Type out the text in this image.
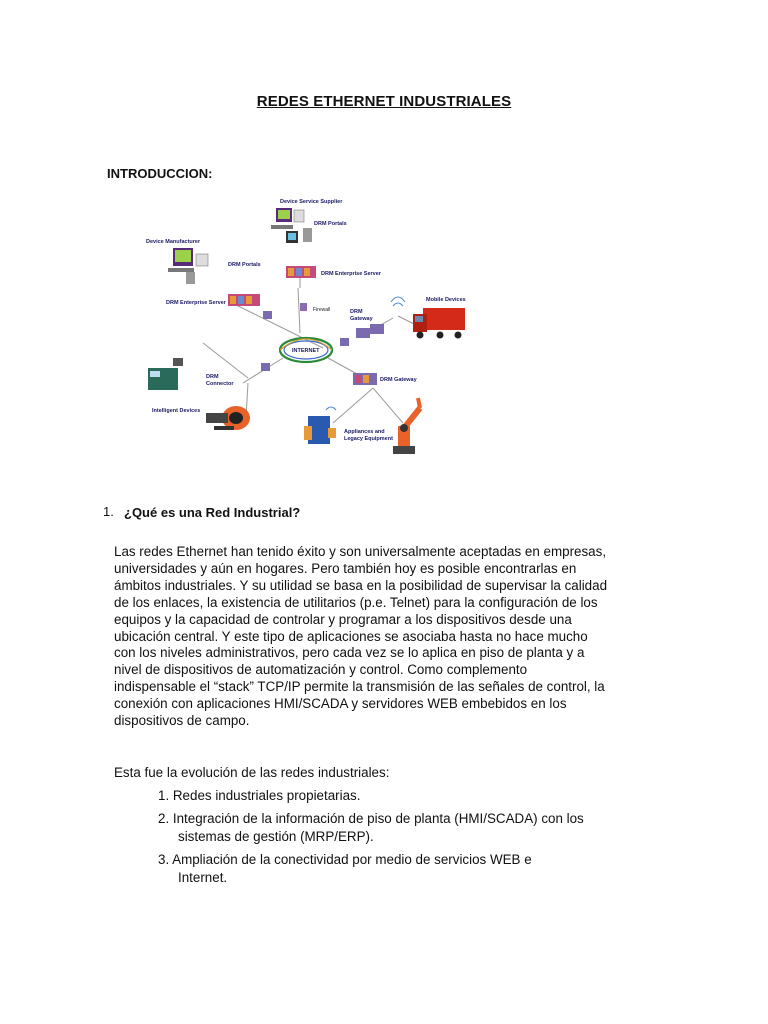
REDES ETHERNET INDUSTRIALES
INTRODUCCION:
Device Service Supplier
DRM Portals
DRM Enterprise Server
Device Manufacturer
DRM Portals
DRM Enterprise Server
Firewall	DRM
Gateway
Mobile Devices
INTERNET
DRM
Connector
DRM Gateway
Intelligent Devices
Appliances and
Legacy Equipment
1. ¿Qué es una Red Industrial?
Las redes Ethernet han tenido éxito y son universalmente aceptadas en empresas,
universidades y aún en hogares. Pero también hoy es posible encontrarlas en
ámbitos industriales. Y su utilidad se basa en la posibilidad de supervisar la calidad
de los enlaces, la existencia de utilitarios (p.e. Telnet) para la configuración de los
equipos y la capacidad de controlar y programar a los dispositivos desde una
ubicación central. Y este tipo de aplicaciones se asociaba hasta no hace mucho
con los niveles administrativos, pero cada vez se lo aplica en piso de planta y a
nivel de dispositivos de automatización y control. Como complemento
indispensable el “stack” TCP/IP permite la transmisión de las señales de control, la
conexión con aplicaciones HMI/SCADA y servidores WEB embebidos en los
dispositivos de campo.
Esta fue la evolución de las redes industriales:
1. Redes industriales propietarias.
2. Integración de la información de piso de planta (HMI/SCADA) con los
sistemas de gestión (MRP/ERP).
3. Ampliación de la conectividad por medio de servicios WEB e
Internet.
